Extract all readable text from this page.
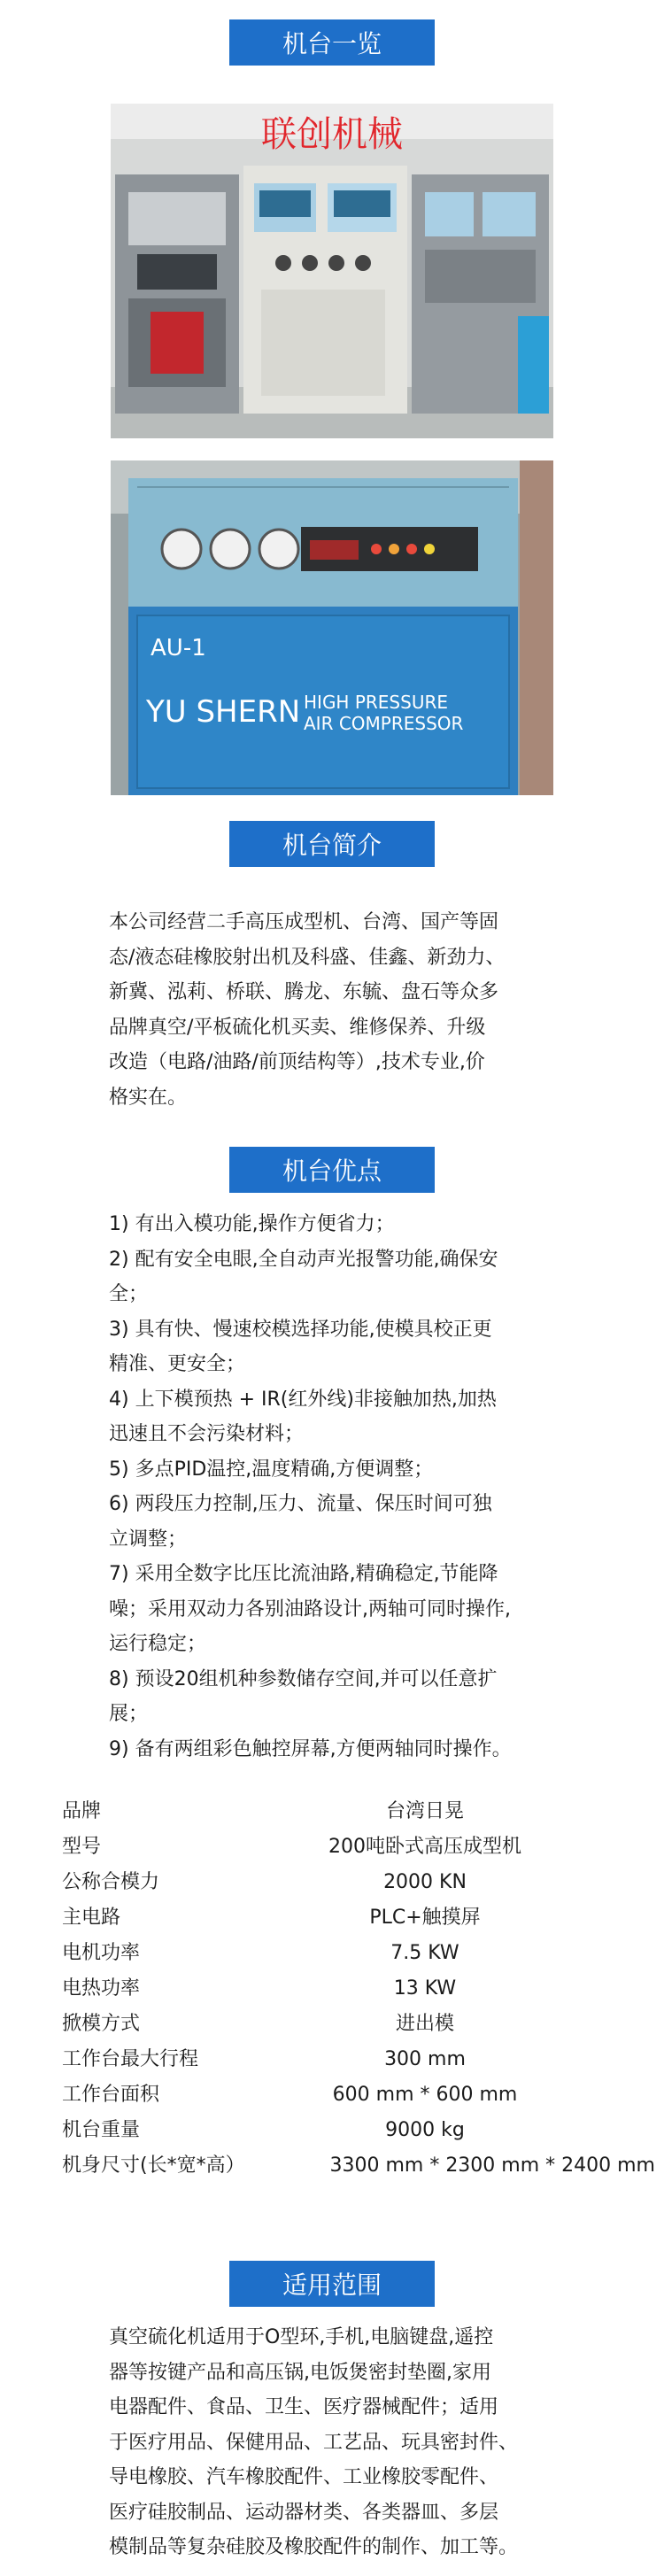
机台一览
联创机械
AU-1
YU SHERN HIGH PRESSURE
AIR COMPRESSOR
机台简介
本公司经营二手高压成型机、台湾、国产等固
态/液态硅橡胶射出机及科盛、佳鑫、新劲力、
新冀、泓莉、桥联、腾龙、东毓、盘石等众多
品牌真空/平板硫化机买卖、维修保养、升级
改造（电路/油路/前顶结构等）,技术专业,价
格实在。
机台优点
1) 有出入模功能,操作方便省力；
2) 配有安全电眼,全自动声光报警功能,确保安
全；
3) 具有快、慢速校模选择功能,使模具校正更
精准、更安全；
4) 上下模预热 + IR(红外线)非接触加热,加热
迅速且不会污染材料；
5) 多点PID温控,温度精确,方便调整；
6) 两段压力控制,压力、流量、保压时间可独
立调整；
7) 采用全数字比压比流油路,精确稳定,节能降
噪；采用双动力各别油路设计,两轴可同时操作,
运行稳定；
8) 预设20组机种参数储存空间,并可以任意扩
展；
9) 备有两组彩色触控屏幕,方便两轴同时操作。
品牌	台湾日晃
型号	200吨卧式高压成型机
公称合模力	2000 KN
主电路	PLC+触摸屏
电机功率	7.5 KW
电热功率	13 KW
掀模方式	进出模
工作台最大行程	300 mm
工作台面积	600 mm * 600 mm
机台重量	9000 kg
机身尺寸(长*宽*高）	3300 mm * 2300 mm * 2400 mm
适用范围
真空硫化机适用于O型环,手机,电脑键盘,遥控
器等按键产品和高压锅,电饭煲密封垫圈,家用
电器配件、食品、卫生、医疗器械配件；适用
于医疗用品、保健用品、工艺品、玩具密封件、
导电橡胶、汽车橡胶配件、工业橡胶零配件、
医疗硅胶制品、运动器材类、各类器皿、多层
模制品等复杂硅胶及橡胶配件的制作、加工等。
